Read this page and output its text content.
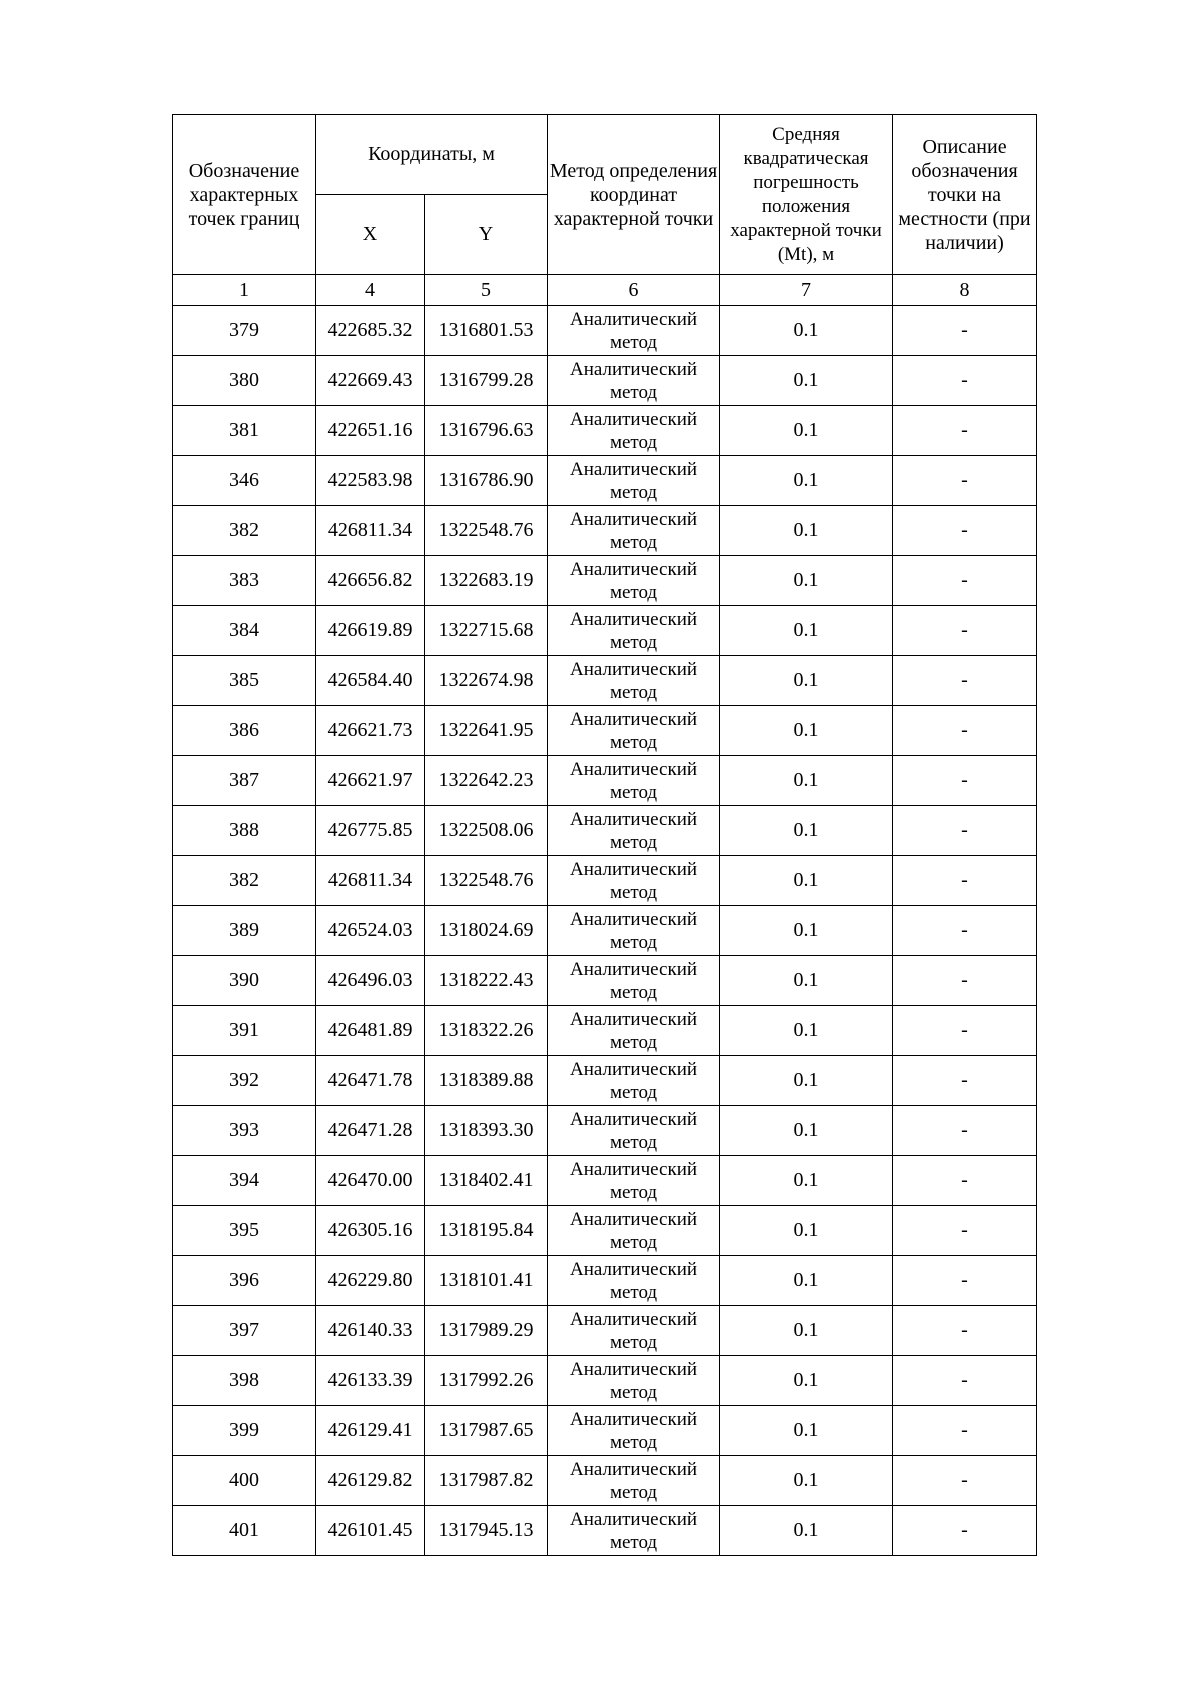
Обозначение характерных точек границ	Координаты, м		Метод определения координат характерной точки	Средняя квадратическая погрешность положения характерной точки (Mt), м	Описание обозначения точки на местности (при наличии)

	X	Y			
1	4	5	6	7	8
379	422685.32	1316801.53	Аналитический метод	0.1	-
380	422669.43	1316799.28	Аналитический метод	0.1	-
381	422651.16	1316796.63	Аналитический метод	0.1	-
346	422583.98	1316786.90	Аналитический метод	0.1	-
382	426811.34	1322548.76	Аналитический метод	0.1	-
383	426656.82	1322683.19	Аналитический метод	0.1	-
384	426619.89	1322715.68	Аналитический метод	0.1	-
385	426584.40	1322674.98	Аналитический метод	0.1	-
386	426621.73	1322641.95	Аналитический метод	0.1	-
387	426621.97	1322642.23	Аналитический метод	0.1	-
388	426775.85	1322508.06	Аналитический метод	0.1	-
382	426811.34	1322548.76	Аналитический метод	0.1	-
389	426524.03	1318024.69	Аналитический метод	0.1	-
390	426496.03	1318222.43	Аналитический метод	0.1	-
391	426481.89	1318322.26	Аналитический метод	0.1	-
392	426471.78	1318389.88	Аналитический метод	0.1	-
393	426471.28	1318393.30	Аналитический метод	0.1	-
394	426470.00	1318402.41	Аналитический метод	0.1	-
395	426305.16	1318195.84	Аналитический метод	0.1	-
396	426229.80	1318101.41	Аналитический метод	0.1	-
397	426140.33	1317989.29	Аналитический метод	0.1	-
398	426133.39	1317992.26	Аналитический метод	0.1	-
399	426129.41	1317987.65	Аналитический метод	0.1	-
400	426129.82	1317987.82	Аналитический метод	0.1	-
401	426101.45	1317945.13	Аналитический метод	0.1	-
